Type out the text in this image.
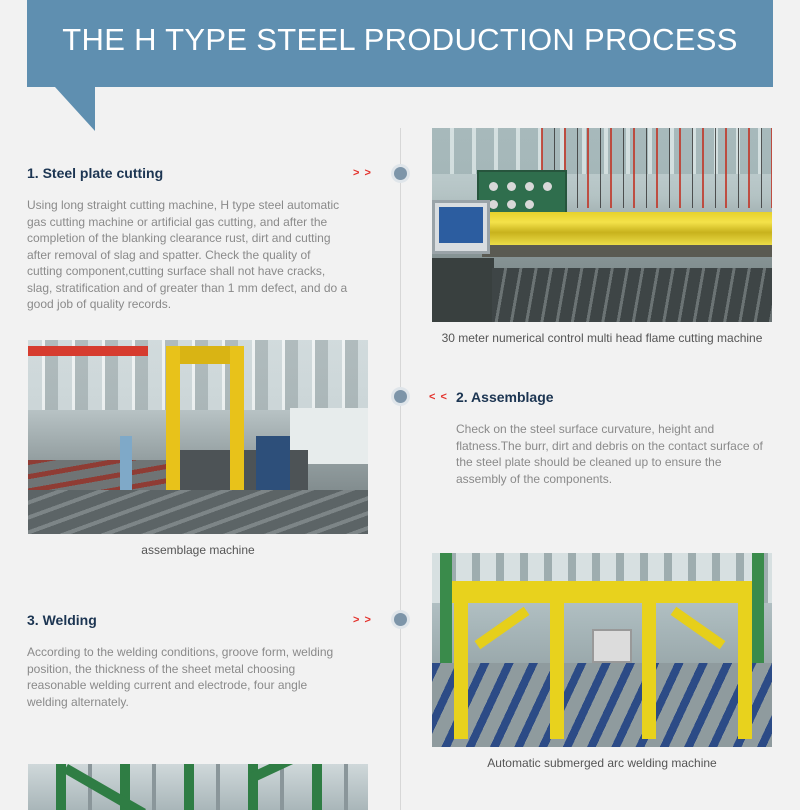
THE H TYPE STEEL PRODUCTION PROCESS
1. Steel plate cutting	> >
Using long straight cutting machine, H type steel automatic gas cutting machine or artificial gas cutting, and after the completion of the blanking clearance rust, dirt and cutting after removal of slag and spatter. Check the quality of cutting component,cutting surface shall not have cracks, slag, stratification and of greater than 1 mm defect, and do a good job of quality records.
30 meter numerical control multi head flame cutting machine
assemblage machine
< < 2. Assemblage
Check on the steel surface curvature, height and flatness.The burr, dirt and debris on the contact surface of the steel plate should be cleaned up to ensure the assembly of the components.
3. Welding	> >
According to the welding conditions, groove form, welding position, the thickness of the sheet metal choosing reasonable welding current and electrode, four angle welding alternately.
Automatic submerged arc welding machine
